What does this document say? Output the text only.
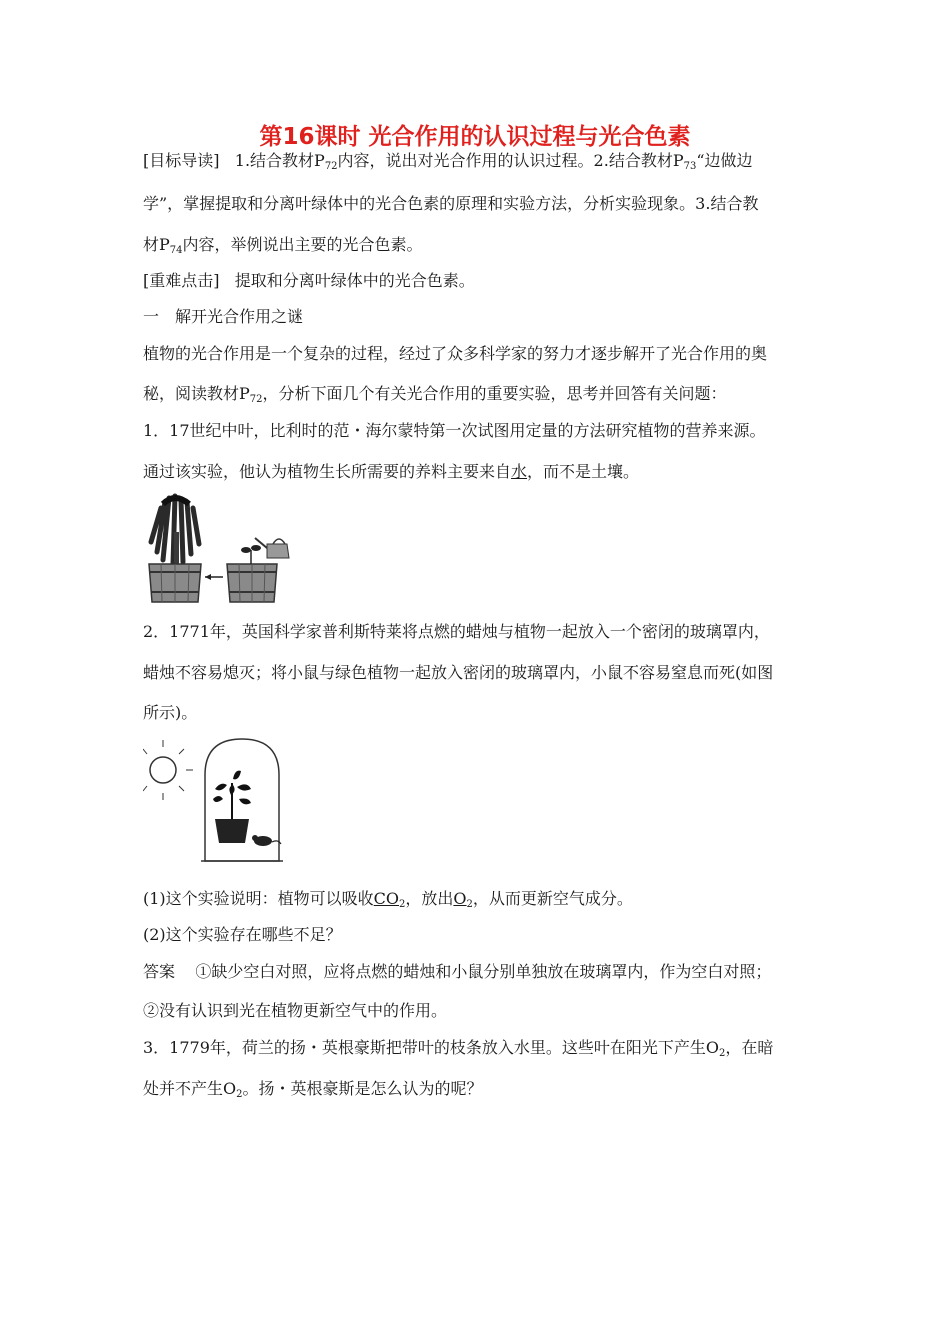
第16课时 光合作用的认识过程与光合色素
[目标导读] 1.结合教材$P_{72}$内容，说出对光合作用的认识过程。2.结合教材$P_{73}“$边做边
学”，掌握提取和分离叶绿体中的光合色素的原理和实验方法，分析实验现象。3.结合教
材$P_{74}$内容，举例说出主要的光合色素。
[重难点击] 提取和分离叶绿体中的光合色素。
一　解开光合作用之谜
植物的光合作用是一个复杂的过程，经过了众多科学家的努力才逐步解开了光合作用的奥
秘，阅读教材$P_{72}$，分析下面几个有关光合作用的重要实验，思考并回答有关问题：
1．17世纪中叶，比利时的范・海尔蒙特第一次试图用定量的方法研究植物的营养来源。
通过该实验，他认为植物生长所需要的养料主要来自水，而不是土壤。
2．1771年，英国科学家普利斯特莱将点燃的蜡烛与植物一起放入一个密闭的玻璃罩内，
蜡烛不容易熄灭；将小鼠与绿色植物一起放入密闭的玻璃罩内，小鼠不容易窒息而死(如图
所示)。
(1)这个实验说明：植物可以吸收$CO_2$，放出$O_2$，从而更新空气成分。
(2)这个实验存在哪些不足？
答案 ①缺少空白对照，应将点燃的蜡烛和小鼠分别单独放在玻璃罩内，作为空白对照；
②没有认识到光在植物更新空气中的作用。
3．1779年，荷兰的扬・英根豪斯把带叶的枝条放入水里。这些叶在阳光下产生$O_2$，在暗
处并不产生$O_2$。扬・英根豪斯是怎么认为的呢？
